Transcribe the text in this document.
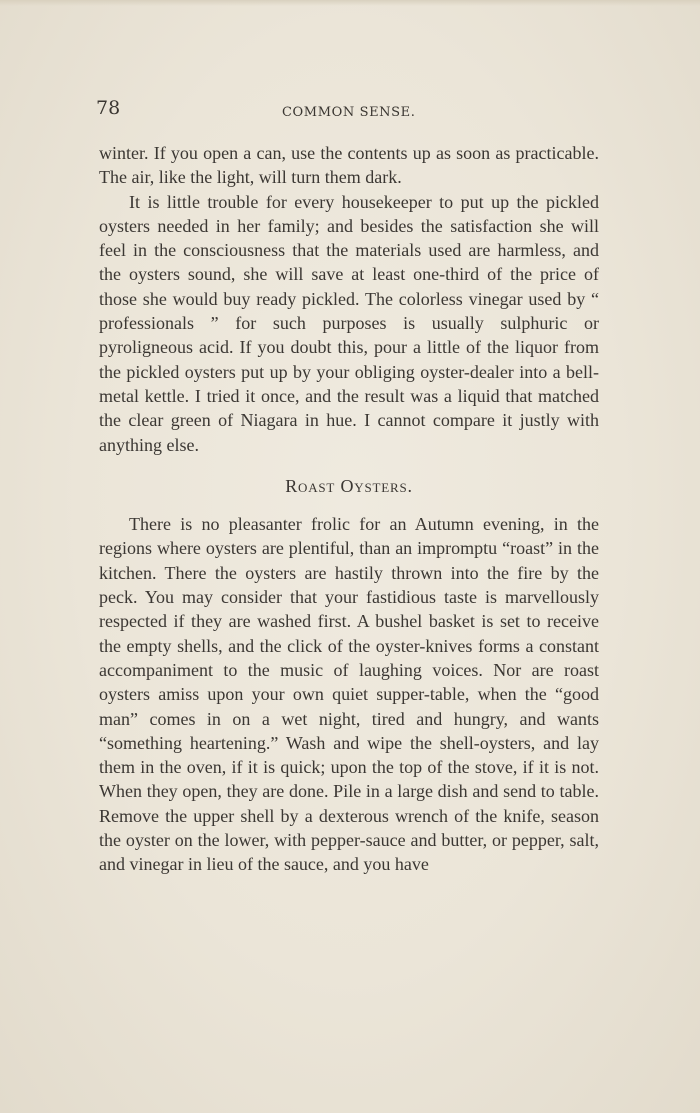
78	COMMON SENSE.

winter. If you open a can, use the contents up as soon as practicable. The air, like the light, will turn them dark.

It is little trouble for every housekeeper to put up the pickled oysters needed in her family; and besides the satisfaction she will feel in the consciousness that the materials used are harmless, and the oysters sound, she will save at least one-third of the price of those she would buy ready pickled. The colorless vinegar used by “ professionals ” for such purposes is usually sulphuric or pyroligneous acid. If you doubt this, pour a little of the liquor from the pickled oysters put up by your obliging oyster-dealer into a bell-metal kettle. I tried it once, and the result was a liquid that matched the clear green of Niagara in hue. I cannot compare it justly with anything else.

Roast Oysters.

There is no pleasanter frolic for an Autumn evening, in the regions where oysters are plentiful, than an impromptu “roast” in the kitchen. There the oysters are hastily thrown into the fire by the peck. You may consider that your fastidious taste is marvellously respected if they are washed first. A bushel basket is set to receive the empty shells, and the click of the oyster-knives forms a constant accompaniment to the music of laughing voices. Nor are roast oysters amiss upon your own quiet supper-table, when the “good man” comes in on a wet night, tired and hungry, and wants “something heartening.” Wash and wipe the shell-oysters, and lay them in the oven, if it is quick; upon the top of the stove, if it is not. When they open, they are done. Pile in a large dish and send to table. Remove the upper shell by a dexterous wrench of the knife, season the oyster on the lower, with pepper-sauce and butter, or pepper, salt, and vinegar in lieu of the sauce, and you have
